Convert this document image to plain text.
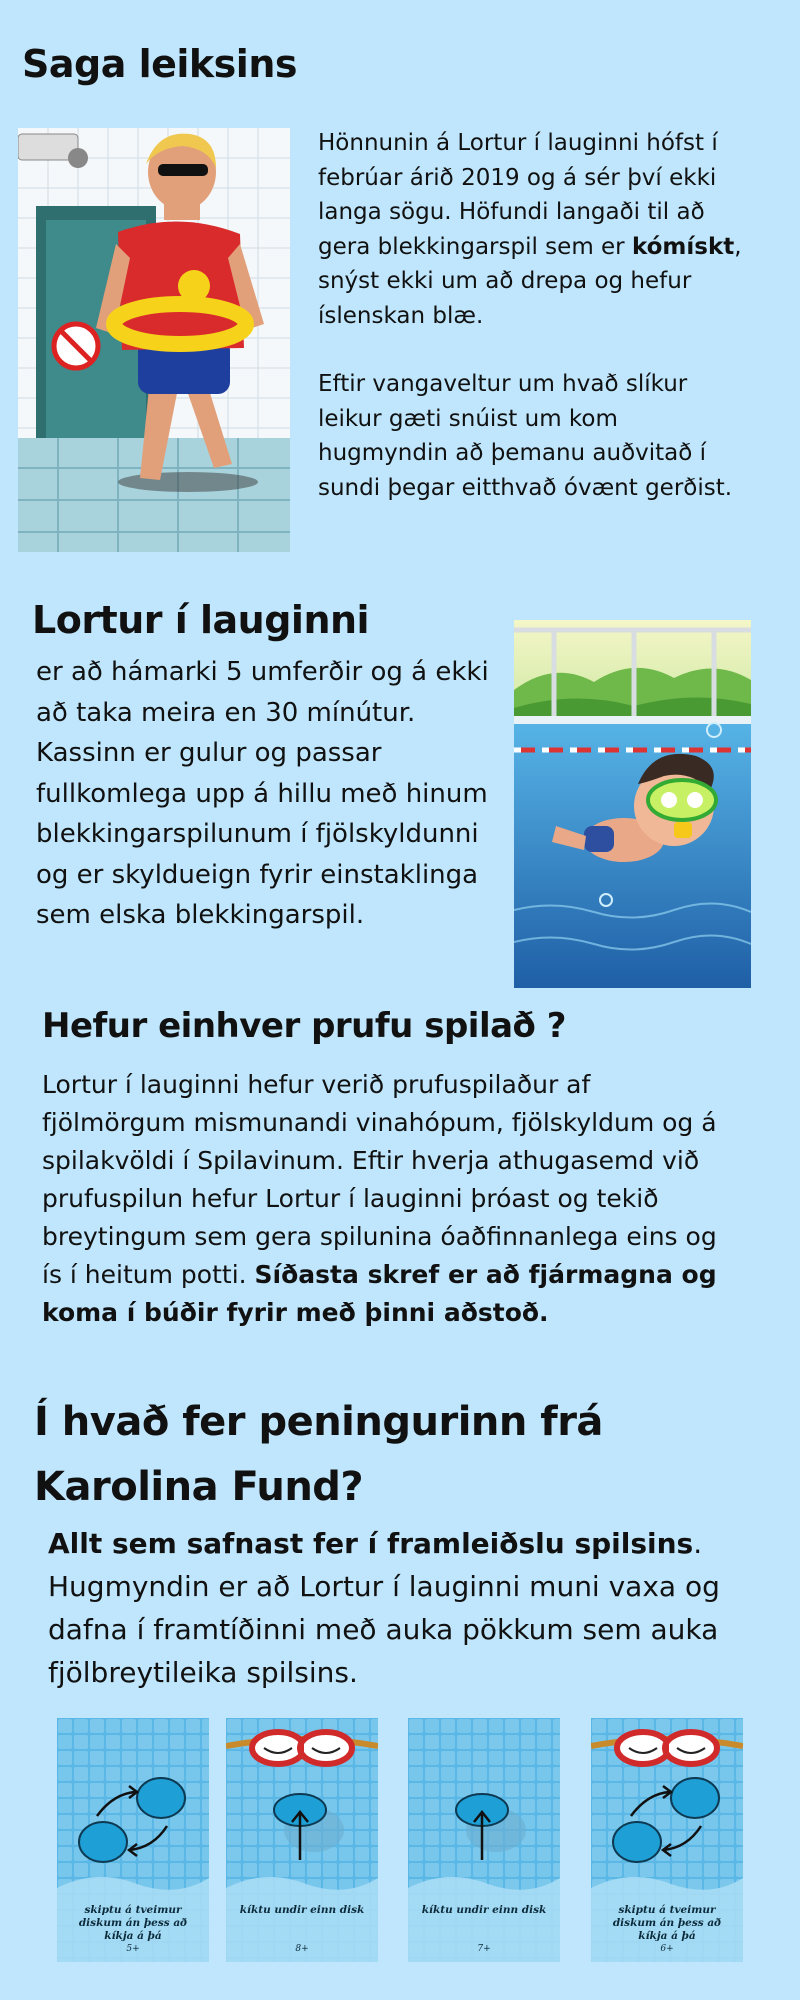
Saga leiksins

Hönnunin á Lortur í lauginni hófst í febrúar árið 2019 og á sér því ekki langa sögu. Höfundi langaði til að gera blekkingarspil sem er kómískt, snýst ekki um að drepa og hefur íslenskan blæ.

Eftir vangaveltur um hvað slíkur leikur gæti snúist um kom hugmyndin að þemanu auðvitað í sundi þegar eitthvað óvænt gerðist.

Lortur í lauginni

er að hámarki 5 umferðir og á ekki að taka meira en 30 mínútur. Kassinn er gulur og passar fullkomlega upp á hillu með hinum blekkingarspilunum í fjölskyldunni og er skyldueign fyrir einstaklinga sem elska blekkingarspil.

Hefur einhver prufu spilað ?

Lortur í lauginni hefur verið prufuspilaður af fjölmörgum mismunandi vinahópum, fjölskyldum og á spilakvöldi í Spilavinum. Eftir hverja athugasemd við prufuspilun hefur Lortur í lauginni þróast og tekið breytingum sem gera spilunina óaðfinnanlega eins og ís í heitum potti. Síðasta skref er að fjármagna og koma í búðir fyrir með þinni aðstoð.

Í hvað fer peningurinn frá Karolina Fund?

Allt sem safnast fer í framleiðslu spilsins. Hugmyndin er að Lortur í lauginni muni vaxa og dafna í framtíðinni með auka pökkum sem auka fjölbreytileika spilsins.

skiptu á tveimur diskum án þess að kíkja á þá
5+
kíktu undir einn disk
8+
kíktu undir einn disk
7+
skiptu á tveimur diskum án þess að kíkja á þá
6+
